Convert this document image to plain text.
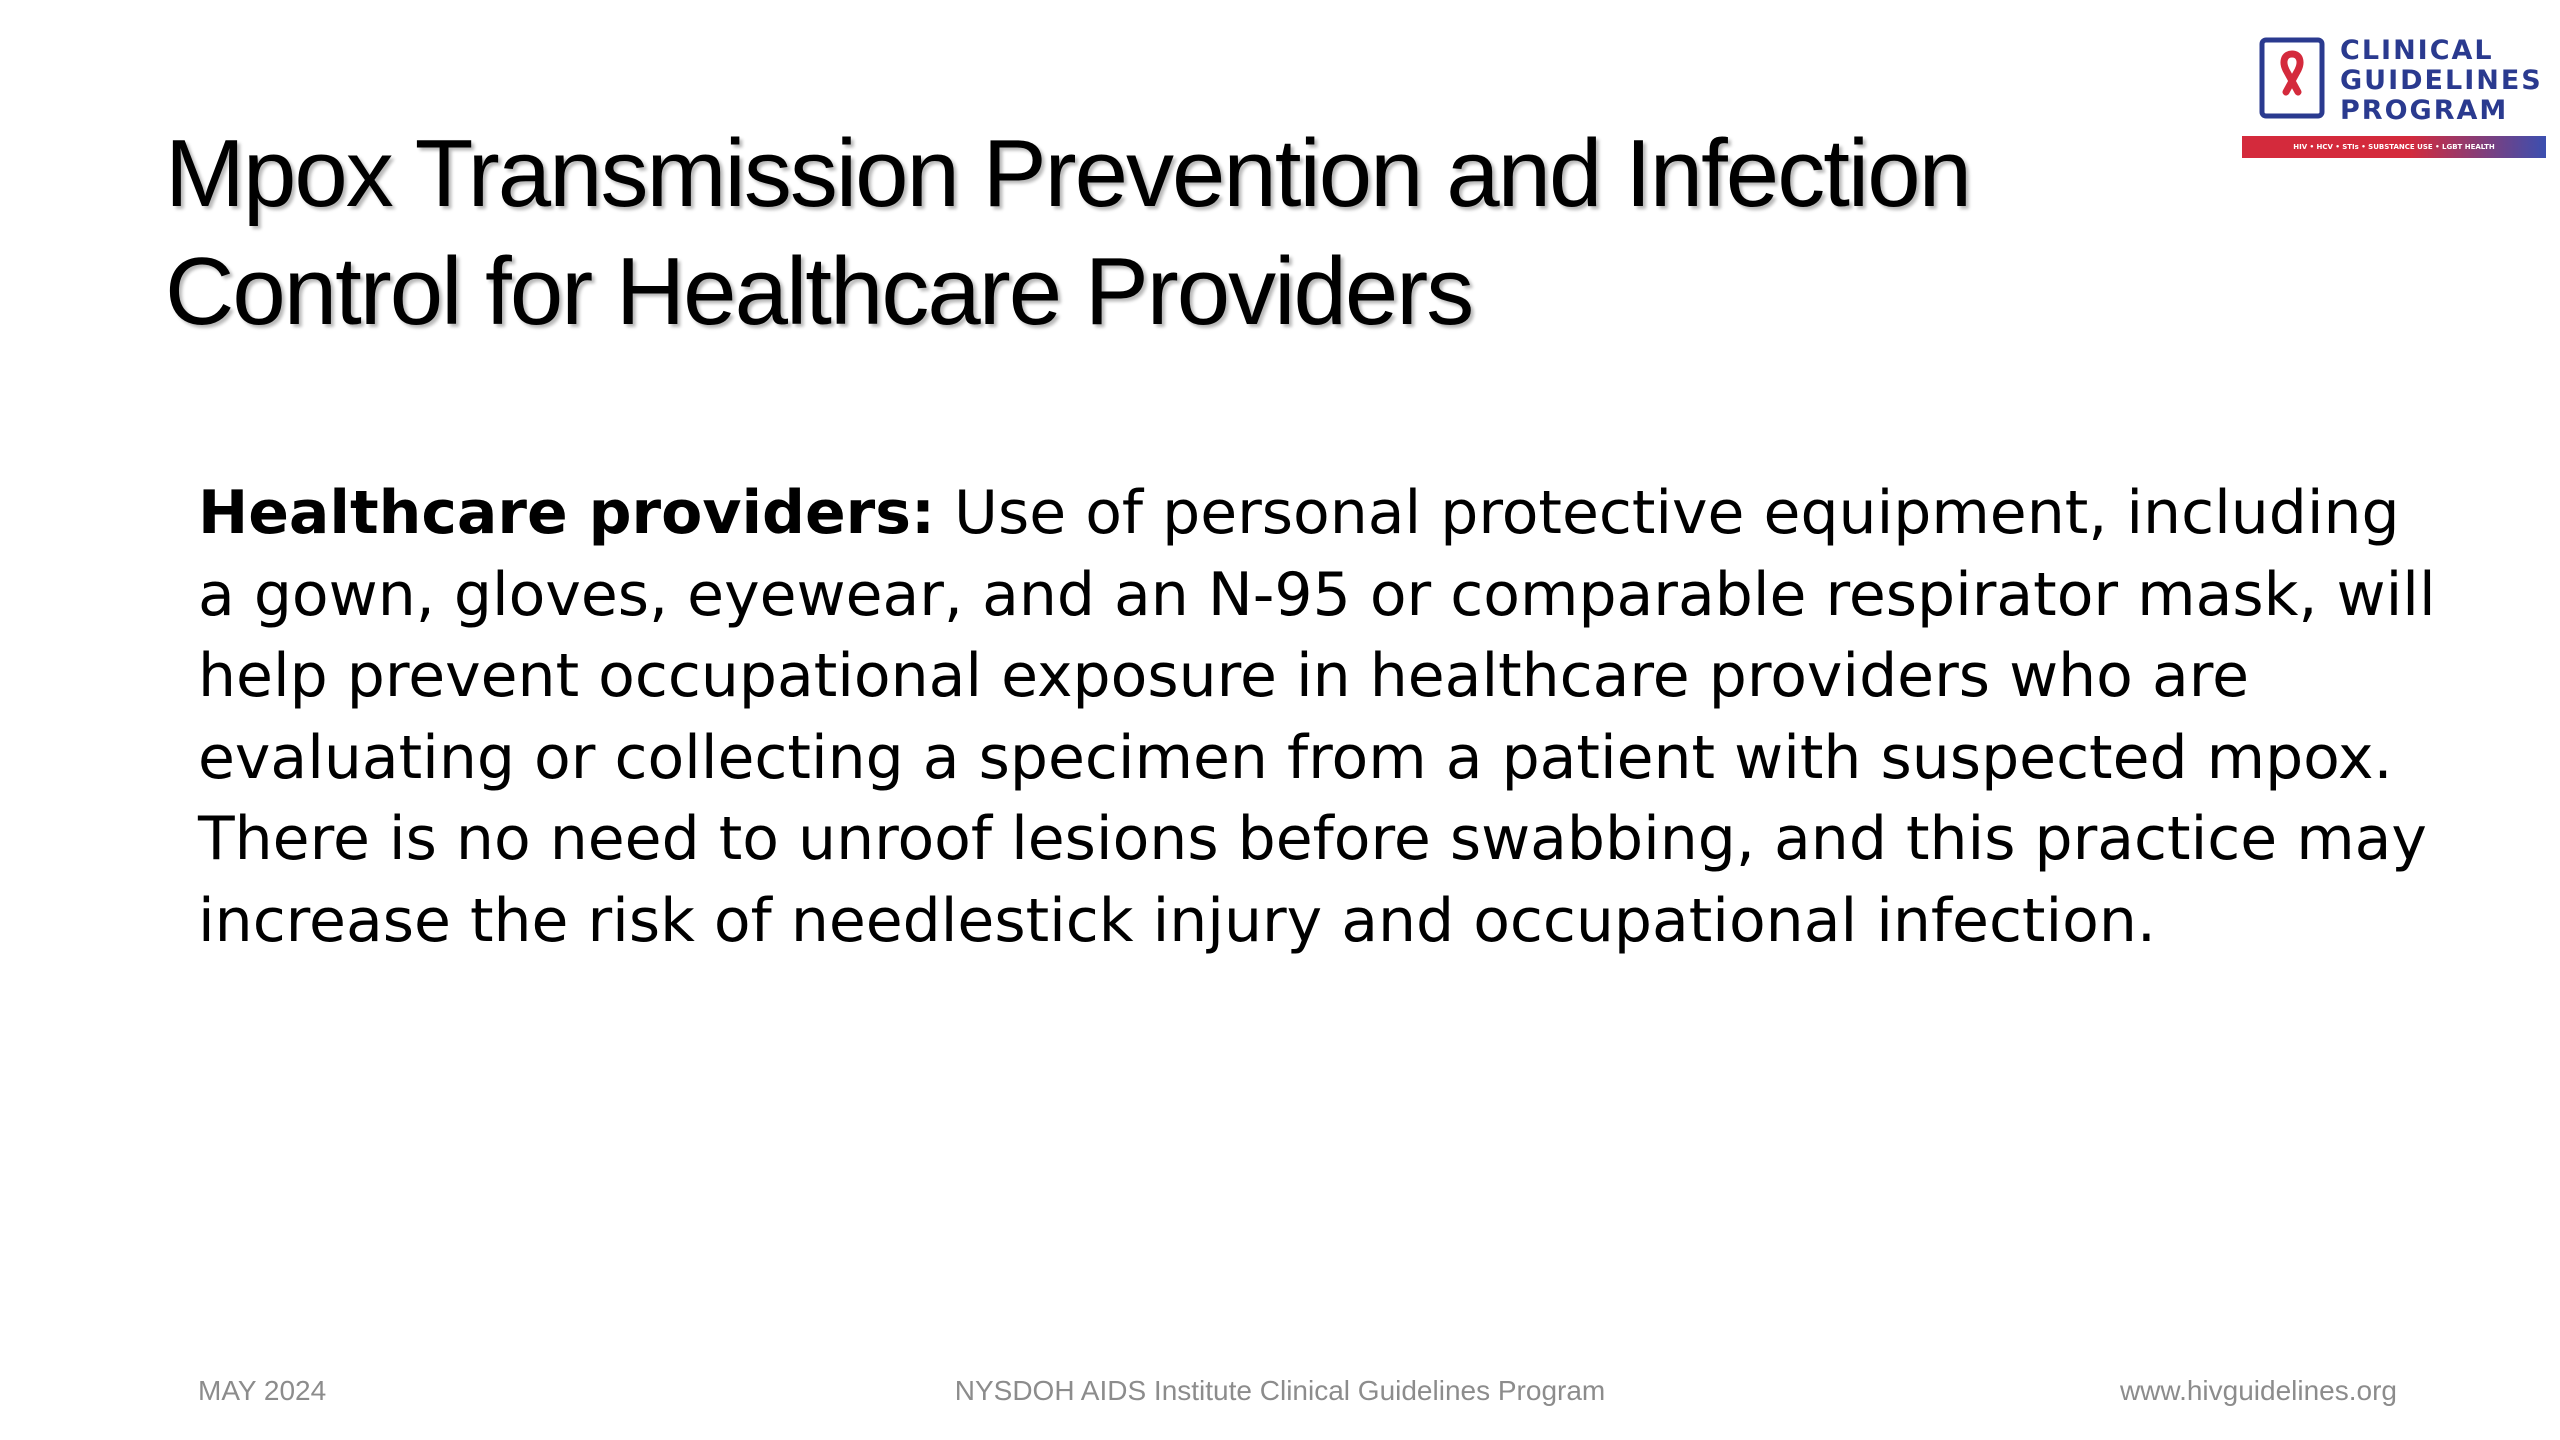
Mpox Transmission Prevention and Infection
Control for Healthcare Providers

Healthcare providers: Use of personal protective equipment, including a gown, gloves, eyewear, and an N-95 or comparable respirator mask, will help prevent occupational exposure in healthcare providers who are evaluating or collecting a specimen from a patient with suspected mpox. There is no need to unroof lesions before swabbing, and this practice may increase the risk of needlestick injury and occupational infection.

CLINICAL
GUIDELINES
PROGRAM
HIV • HCV • STIs • SUBSTANCE USE • LGBT HEALTH
MAY 2024	NYSDOH AIDS Institute Clinical Guidelines Program	www.hivguidelines.org
